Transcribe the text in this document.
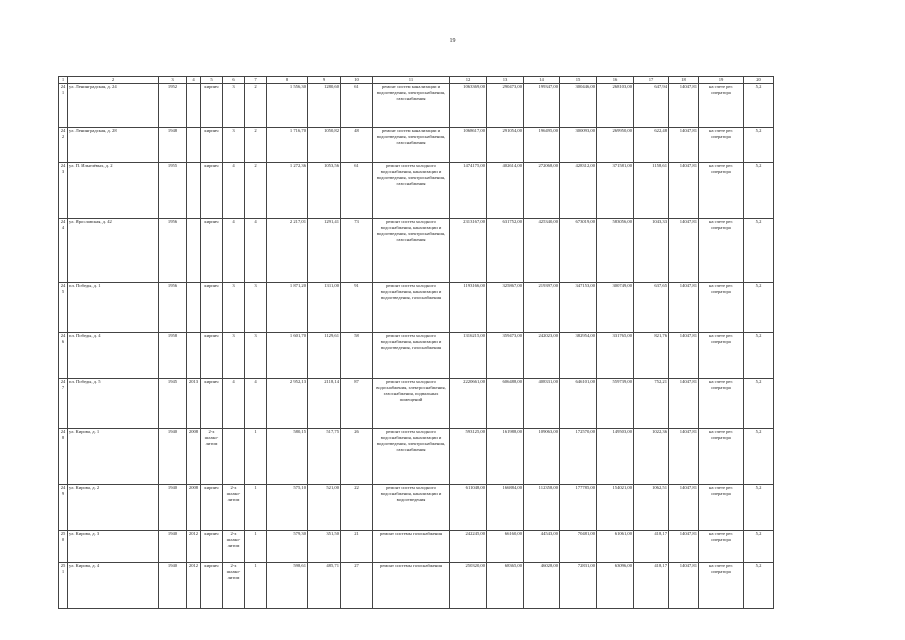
19
1	2	3	4	5	6	7	8	9	10	11	12	13	14	15	16	17	18	19	20
241	ул. Ленинградская, д. 24	1952		кирпич	3	2	1 556,30	1280,60	61	ремонт систем канализации и водоотведения, электроснабжения, газоснабжения	1063369,00	290473,00	199347,00	300446,00	268103,00	647,94	14047,81	на счете рег. оператора	5,2
242	ул. Ленинградская, д. 28	1948		кирпич	3	2	1 716,70	1050,82	48	ремонт систем канализации и водоотведения, электроснабжения, газоснабжения	1068617,00	291054,00	196495,00	300093,00	269950,00	622,48	14047,81	на счете рег. оператора	5,2
243	ул. П. Ильичёвых, д. 2	1955		кирпич	4	2	1 272,36	1053,56	61	ремонт систем холодного водоснабжения, канализации и водоотведения, электроснабжения, газоснабжения	1474175,00	402614,00	272068,00	428312,00	371581,00	1158,61	14047,81	на счете рег. оператора	5,2
244	ул. Ярославская, д. 42	1956		кирпич	4	4	2 217,01	1291,41	73	ремонт систем холодного водоснабжения, канализации и водоотведения, электроснабжения, газоснабжения	2313167,00	631752,00	425340,00	673019,00	583056,00	1043,33	14047,81	на счете рег. оператора	5,2
245	пл. Победы, д. 1	1956		кирпич	3	3	1 871,20	1311,00	91	ремонт систем холодного водоснабжения, канализации и водоотведения, газоснабжения	1193166,00	325867,00	219397,00	347153,00	300749,00	637,65	14047,81	на счете рег. оператора	5,2
246	пл. Победы, д. 4	1958		кирпич	3	3	1 601,70	1129,61	58	ремонт систем холодного водоснабжения, канализации и водоотведения, газоснабжения	1316215,00	359473,00	242023,00	382954,00	331765,00	821,76	14047,81	на счете рег. оператора	5,2
247	пл. Победы, д. 5	1945	2013	кирпич	4	4	2 952,13	2118,14	87	ремонт систем холодного водоснабжения, электроснабжения, газоснабжения, подвальных помещений	2220661,00	606488,00	408331,00	646101,00	559739,00	752,21	14047,81	на счете рег. оператора	5,2
248	ул. Кирова, д. 1	1940	2008	2-х шлако-литом		1	580,15	517,75	26	ремонт систем холодного водоснабжения, канализации и водоотведения, электроснабжения, газоснабжения	593125,00	161988,00	109063,00	172570,00	149503,00	1022,36	14047,81	на счете рег. оператора	5,2
249	ул. Кирова, д. 2	1940	2008	кирпич	2-х шлако-литом	1	575,10	521,00	22	ремонт систем холодного водоснабжения, канализации и водоотведения	611048,00	166884,00	112358,00	177785,00	154021,00	1062,51	14047,81	на счете рег. оператора	5,2
250	ул. Кирова, д. 3	1940	2012	кирпич	2-х шлако-литом	1	579,30	351,50	21	ремонт системы газоснабжения	242245,00	66160,00	44543,00	70481,00	61061,00	418,17	14047,81	на счете рег. оператора	5,2
251	ул. Кирова, д. 4	1940	2012	кирпич	2-х шлако-литом	1	598,61	485,71	27	ремонт системы газоснабжения	250320,00	68365,00	46028,00	72831,00	63096,00	418,17	14047,81	на счете рег. оператора	5,2
